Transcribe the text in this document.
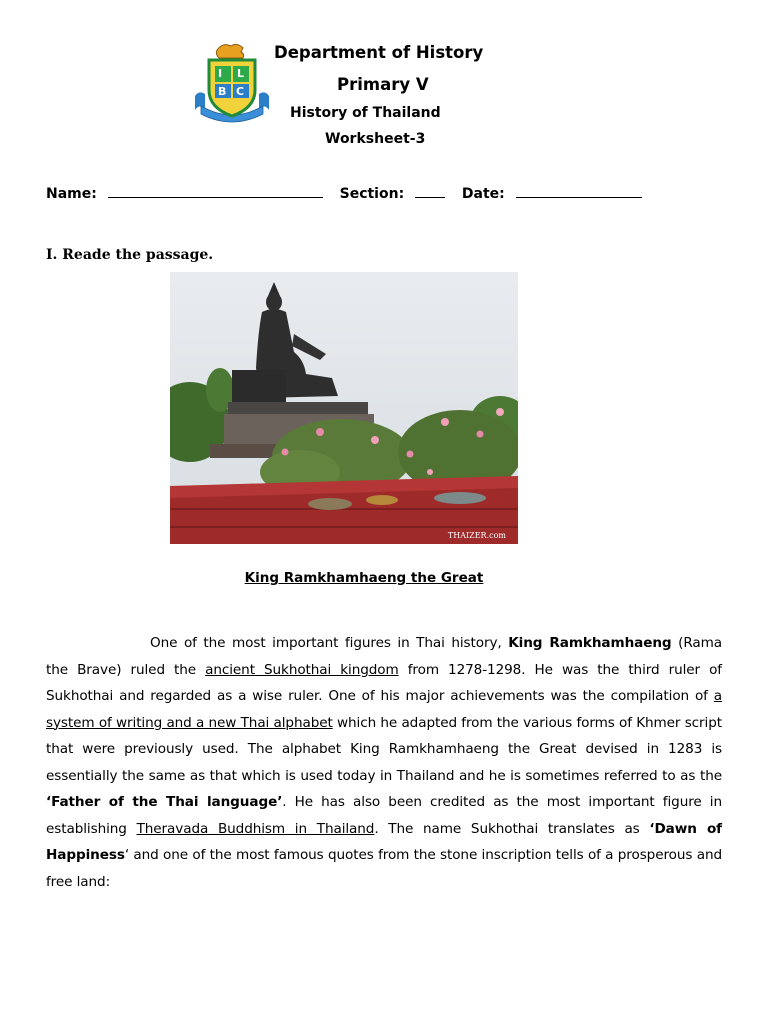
I L
B C
Department of History
Primary V
History of Thailand
Worksheet-3
Name:	Section:	Date:
I. Reade the passage.
THAIZER.com
King Ramkhamhaeng the Great
One of the most important figures in Thai history, King Ramkhamhaeng (Rama the Brave) ruled the ancient Sukhothai kingdom from 1278-1298. He was the third ruler of Sukhothai and regarded as a wise ruler. One of his major achievements was the compilation of a system of writing and a new Thai alphabet which he adapted from the various forms of Khmer script that were previously used. The alphabet King Ramkhamhaeng the Great devised in 1283 is essentially the same as that which is used today in Thailand and he is sometimes referred to as the ‘Father of the Thai language’. He has also been credited as the most important figure in establishing Theravada Buddhism in Thailand. The name Sukhothai translates as ‘Dawn of Happiness‘ and one of the most famous quotes from the stone inscription tells of a prosperous and free land:
